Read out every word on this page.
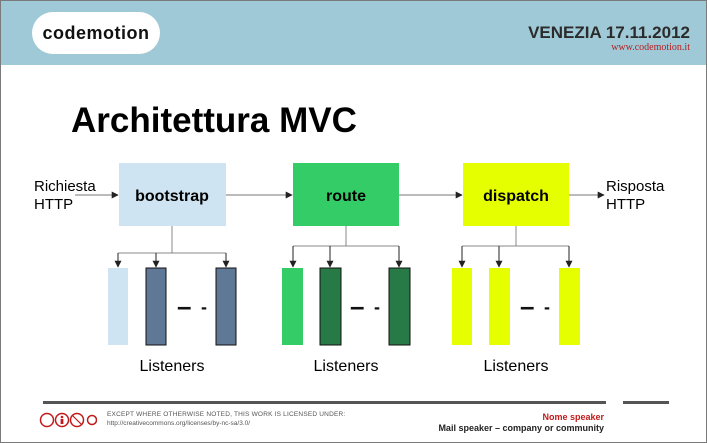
codemotion	VENEZIA 17.11.2012
www.codemotion.it
Architettura MVC
Richiesta
HTTP
Risposta
HTTP
bootstrap
– -
Listeners
route
– -
Listeners
dispatch
– -
Listeners
EXCEPT WHERE OTHERWISE NOTED, THIS WORK IS LICENSED UNDER:
http://creativecommons.org/licenses/by-nc-sa/3.0/
Nome speaker
Mail speaker – company or community
